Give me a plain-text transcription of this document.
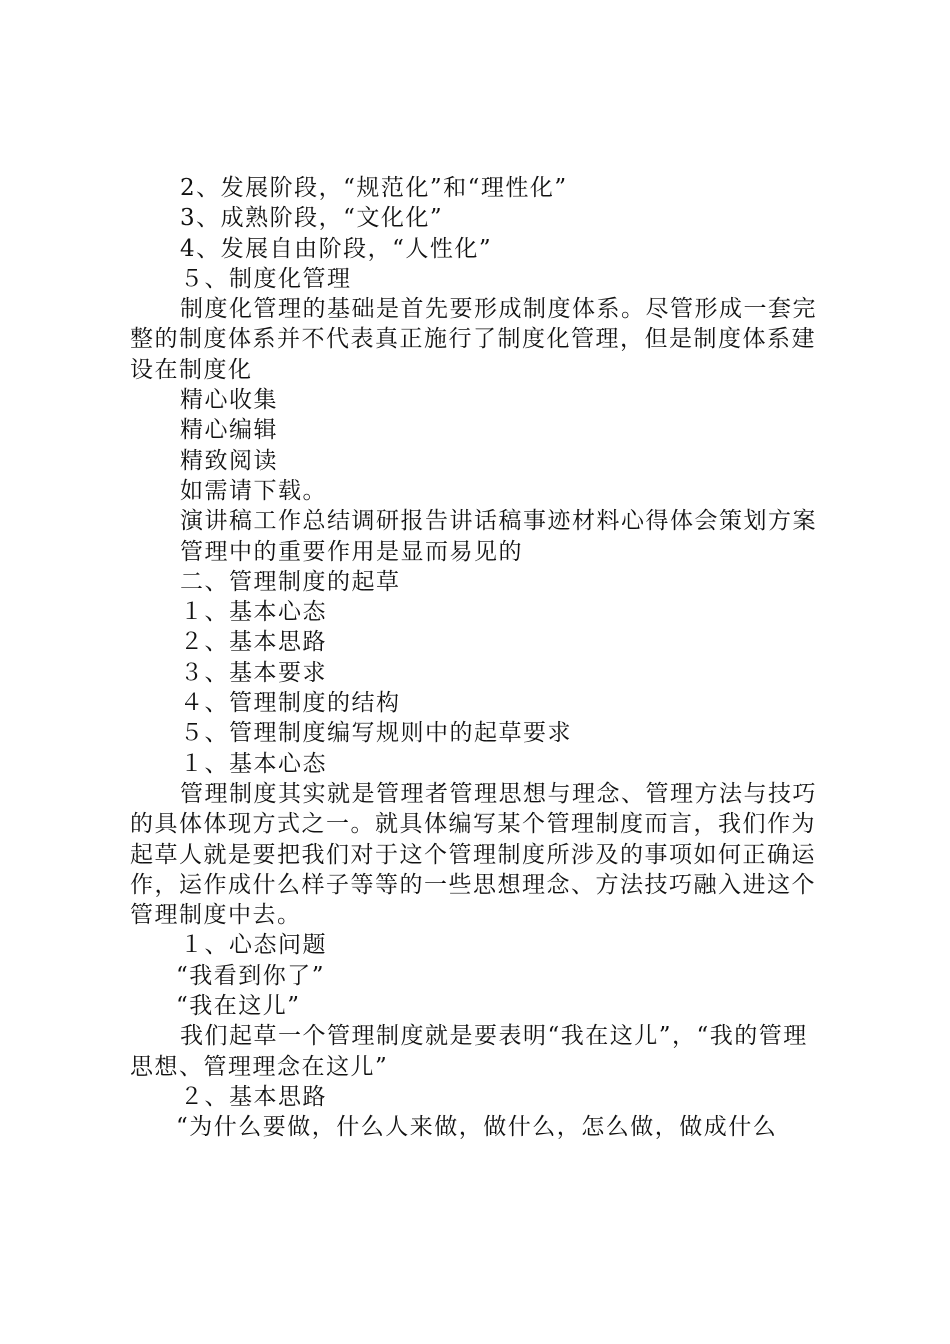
2、发展阶段，“规范化”和“理性化”

3、成熟阶段，“文化化”

4、发展自由阶段，“人性化”

５、制度化管理

制度化管理的基础是首先要形成制度体系。尽管形成一套完整的制度体系并不代表真正施行了制度化管理，但是制度体系建设在制度化

精心收集

精心编辑

精致阅读

如需请下载。

演讲稿工作总结调研报告讲话稿事迹材料心得体会策划方案

管理中的重要作用是显而易见的

二、管理制度的起草

１、基本心态

２、基本思路

３、基本要求

４、管理制度的结构

５、管理制度编写规则中的起草要求

１、基本心态

管理制度其实就是管理者管理思想与理念、管理方法与技巧的具体体现方式之一。就具体编写某个管理制度而言，我们作为起草人就是要把我们对于这个管理制度所涉及的事项如何正确运作，运作成什么样子等等的一些思想理念、方法技巧融入进这个管理制度中去。

１、心态问题

“我看到你了”

“我在这儿”

我们起草一个管理制度就是要表明“我在这儿”，“我的管理思想、管理理念在这儿”

２、基本思路

“为什么要做，什么人来做，做什么，怎么做，做成什么
